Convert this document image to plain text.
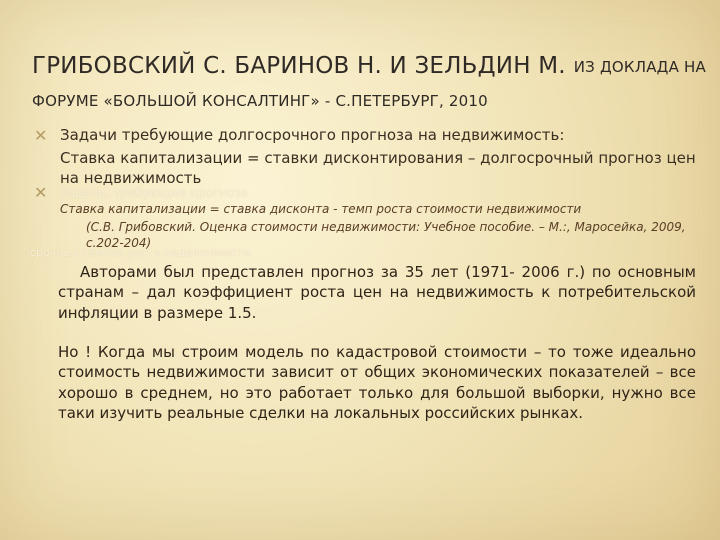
ГРИБОВСКИЙ С. БАРИНОВ Н. И ЗЕЛЬДИН М. ИЗ ДОКЛАДА НА
ФОРУМЕ «БОЛЬШОЙ КОНСАЛТИНГ» - С.ПЕТЕРБУРГ, 2010
✕ Задачи требующие долгосрочного прогноза на недвижимость:
Ставка капитализации = ставки дисконтирования – долгосрочный прогноз цен на недвижимость
✕ Задачи, требующие прогноза
Ставка капитализации = ставка дисконта - темп роста стоимости недвижимости
(С.В. Грибовский. Оценка стоимости недвижимости: Учебное пособие. – М.:, Маросейка, 2009, с.202-204)
срочных темпов роста недвижимости

Авторами был представлен прогноз за 35 лет (1971- 2006 г.) по основным странам – дал коэффициент роста цен на недвижимость к потребительской инфляции в размере 1.5.

Но ! Когда мы строим модель по кадастровой стоимости – то тоже идеально стоимость недвижимости зависит от общих экономических показателей – все хорошо в среднем, но это работает только для большой выборки, нужно все таки изучить реальные сделки на локальных российских рынках.
